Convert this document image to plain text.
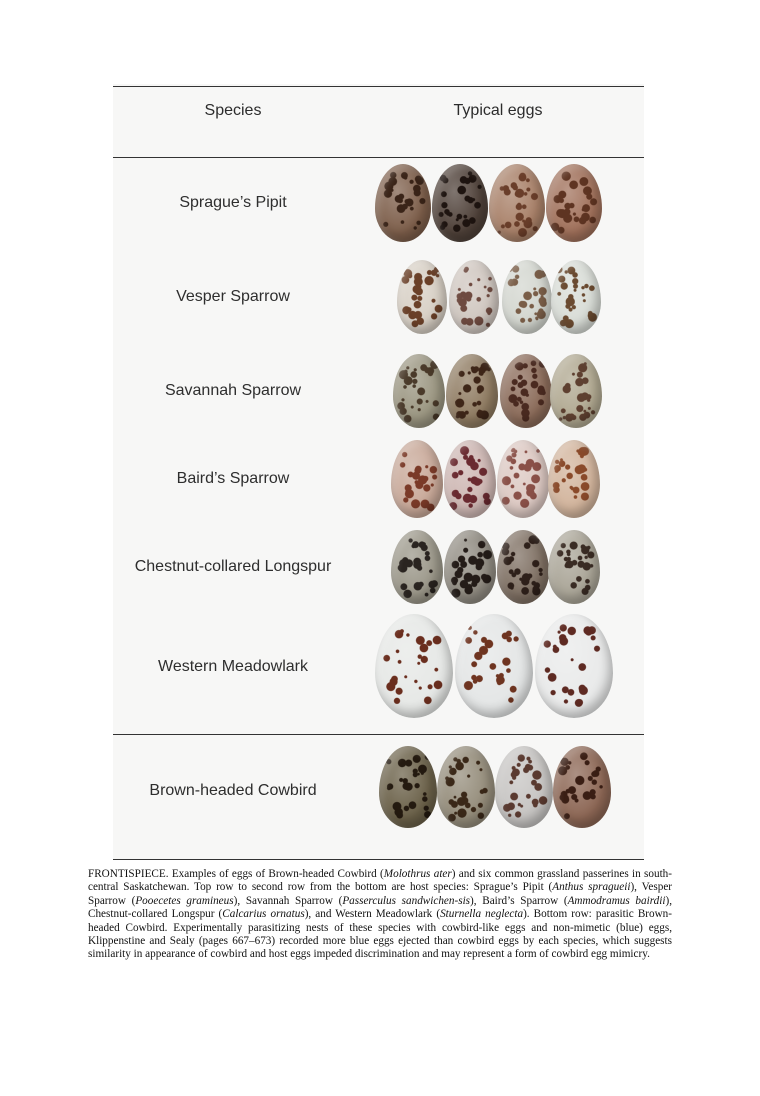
Species	Typical eggs
Sprague’s Pipit
Vesper Sparrow
Savannah Sparrow
Baird’s Sparrow
Chestnut-collared Longspur
Western Meadowlark
Brown-headed Cowbird
FRONTISPIECE. Examples of eggs of Brown-headed Cowbird (Molothrus ater) and six common grassland passerines in south-central Saskatchewan. Top row to second row from the bottom are host species: Sprague’s Pipit (Anthus spragueii), Vesper Sparrow (Pooecetes gramineus), Savannah Sparrow (Passerculus sandwichen-sis), Baird’s Sparrow (Ammodramus bairdii), Chestnut-collared Longspur (Calcarius ornatus), and Western Meadowlark (Sturnella neglecta). Bottom row: parasitic Brown-headed Cowbird. Experimentally parasitizing nests of these species with cowbird-like eggs and non-mimetic (blue) eggs, Klippenstine and Sealy (pages 667–673) recorded more blue eggs ejected than cowbird eggs by each species, which suggests similarity in appearance of cowbird and host eggs impeded discrimination and may represent a form of cowbird egg mimicry.
